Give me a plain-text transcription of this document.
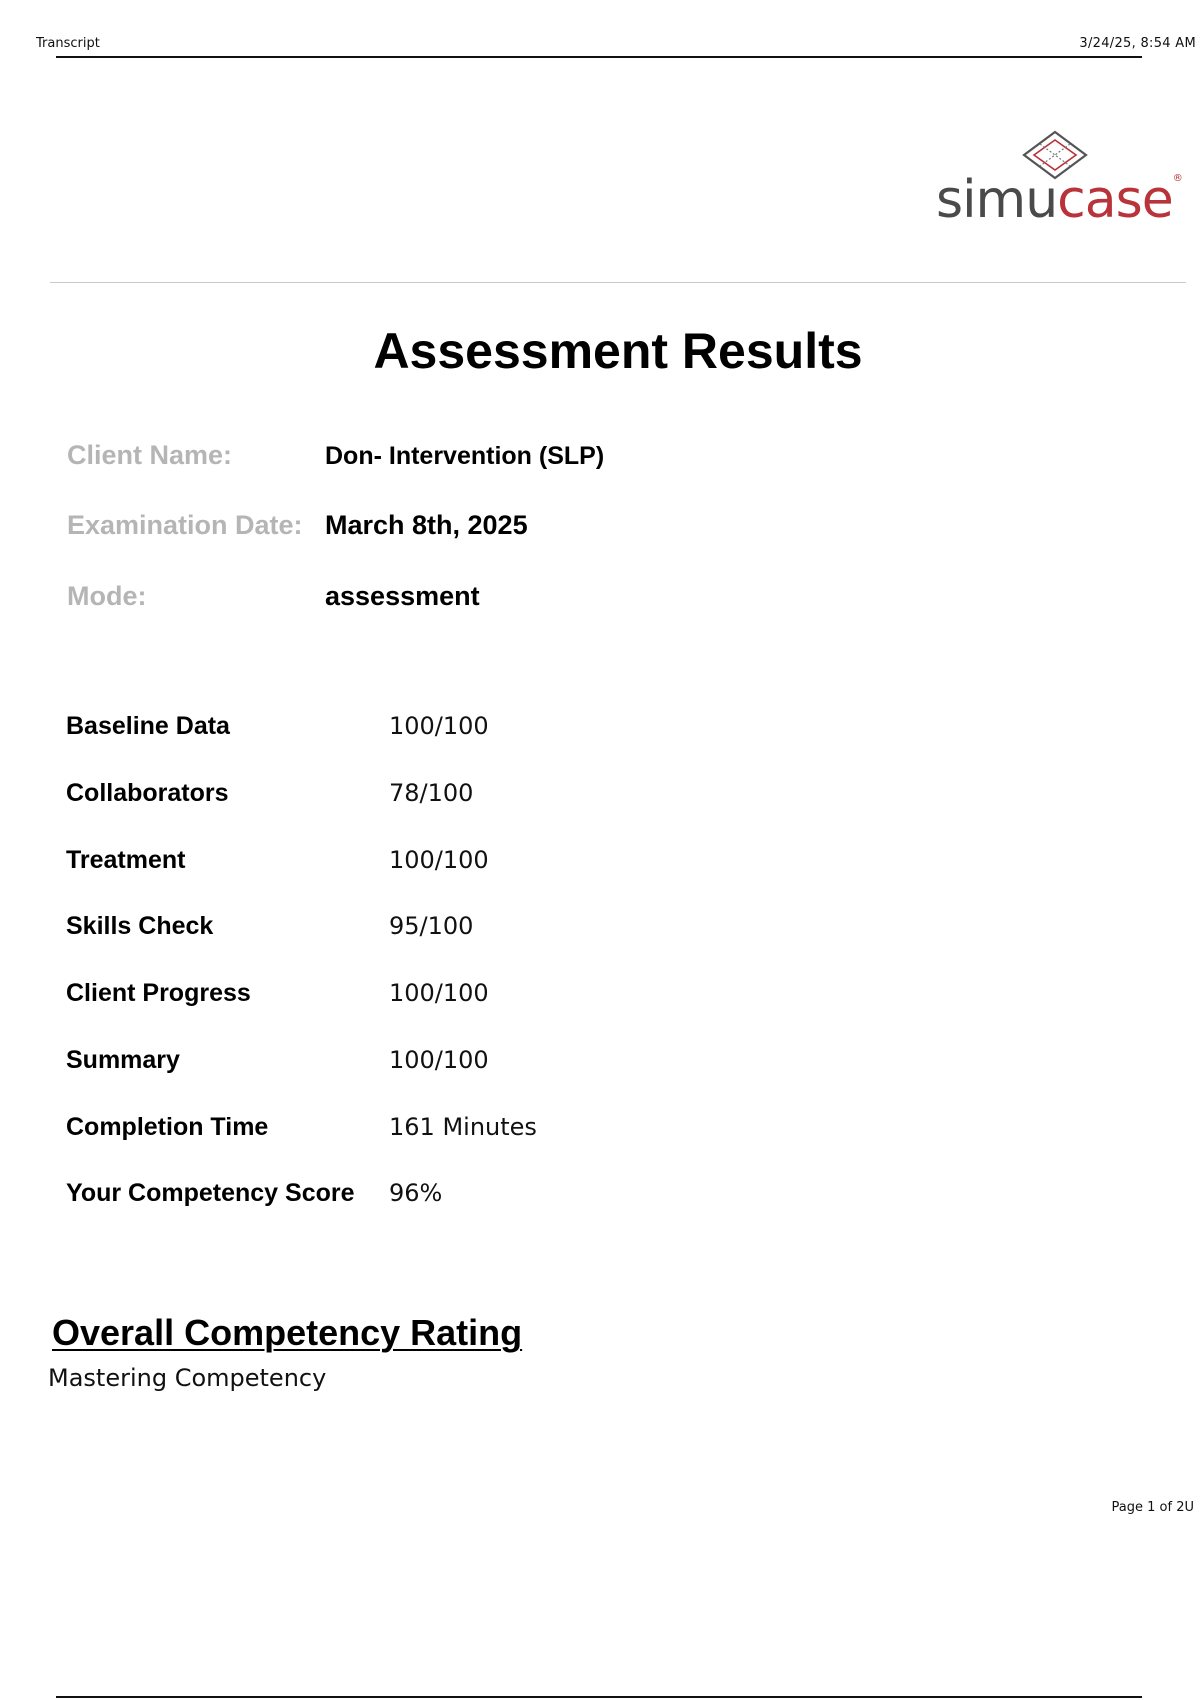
Transcript	3/24/25, 8:54 AM
simucase®
Assessment Results
Client Name:	Don- Intervention (SLP)
Examination Date: March 8th, 2025
Mode:	assessment
Baseline Data	100/100
Collaborators	78/100
Treatment	100/100
Skills Check	95/100
Client Progress	100/100
Summary	100/100
Completion Time	161 Minutes
Your Competency Score 96%
Overall Competency Rating
Mastering Competency
Page 1 of 2U
